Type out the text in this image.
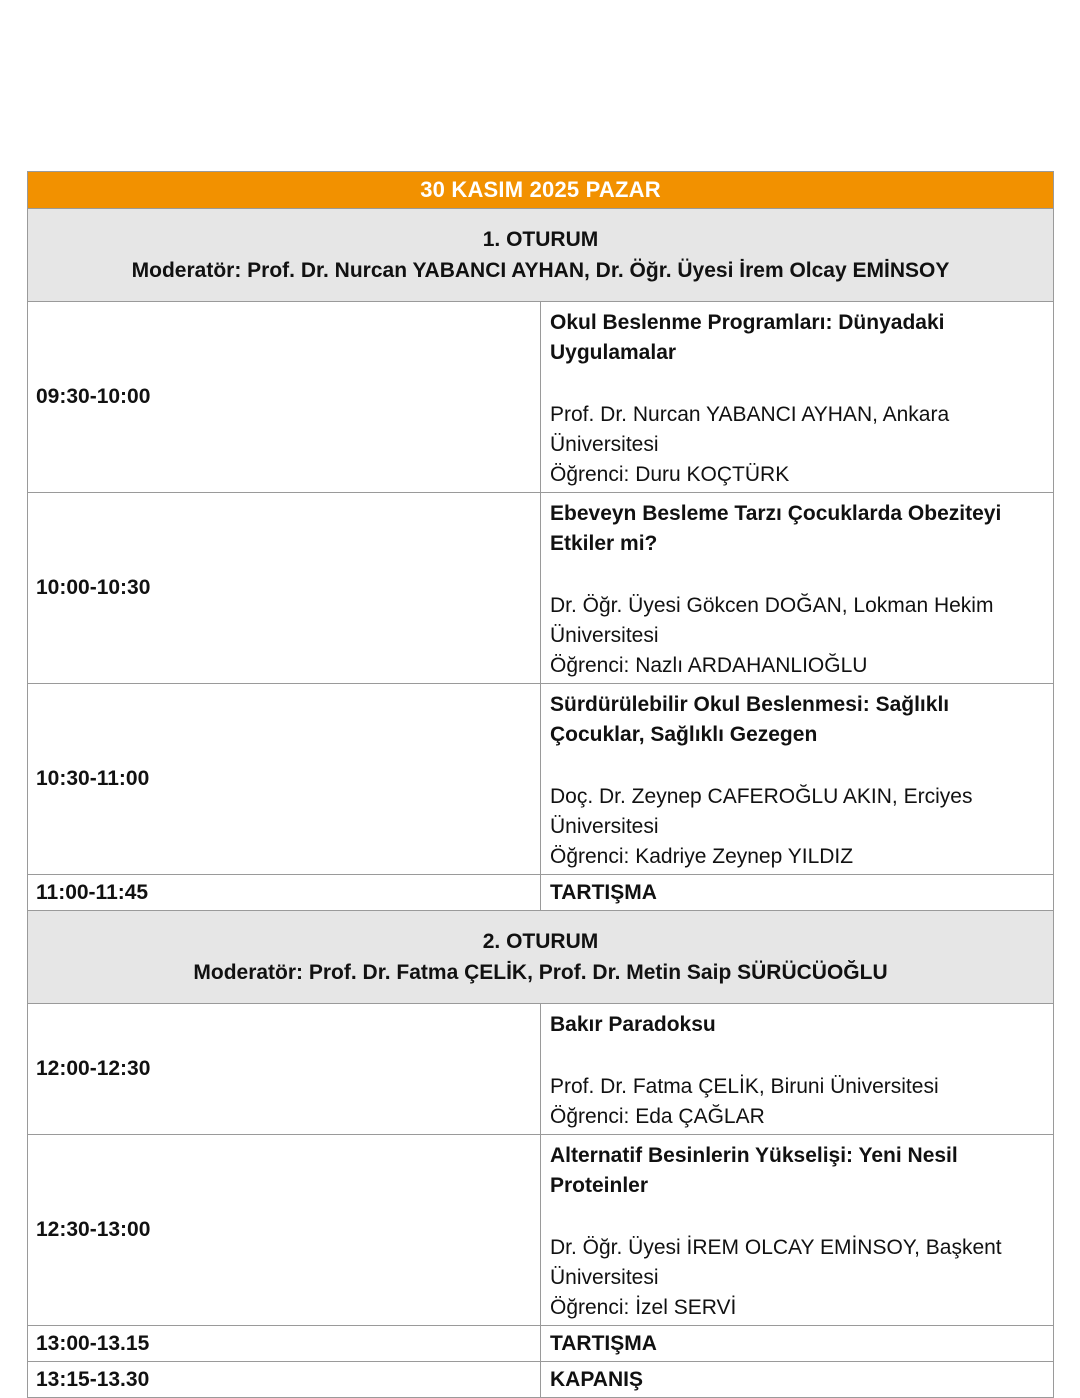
30 KASIM 2025 PAZAR	

1. OTURUM
Moderatör: Prof. Dr. Nurcan YABANCI AYHAN, Dr. Öğr. Üyesi İrem Olcay EMİNSOY	

09:30-10:00	Okul Beslenme Programları: Dünyadaki Uygulamalar
Prof. Dr. Nurcan YABANCI AYHAN, Ankara Üniversitesi
Öğrenci: Duru KOÇTÜRK

10:00-10:30	Ebeveyn Besleme Tarzı Çocuklarda Obeziteyi Etkiler mi?
Dr. Öğr. Üyesi Gökcen DOĞAN, Lokman Hekim Üniversitesi
Öğrenci: Nazlı ARDAHANLIOĞLU

10:30-11:00	Sürdürülebilir Okul Beslenmesi: Sağlıklı Çocuklar, Sağlıklı Gezegen
Doç. Dr. Zeynep CAFEROĞLU AKIN, Erciyes Üniversitesi
Öğrenci: Kadriye Zeynep YILDIZ

11:00-11:45	TARTIŞMA

2. OTURUM
Moderatör: Prof. Dr. Fatma ÇELİK, Prof. Dr. Metin Saip SÜRÜCÜOĞLU	

12:00-12:30	Bakır Paradoksu
Prof. Dr. Fatma ÇELİK, Biruni Üniversitesi
Öğrenci: Eda ÇAĞLAR

12:30-13:00	Alternatif Besinlerin Yükselişi: Yeni Nesil Proteinler
Dr. Öğr. Üyesi İREM OLCAY EMİNSOY, Başkent Üniversitesi
Öğrenci: İzel SERVİ

13:00-13.15	TARTIŞMA
13:15-13.30	KAPANIŞ
